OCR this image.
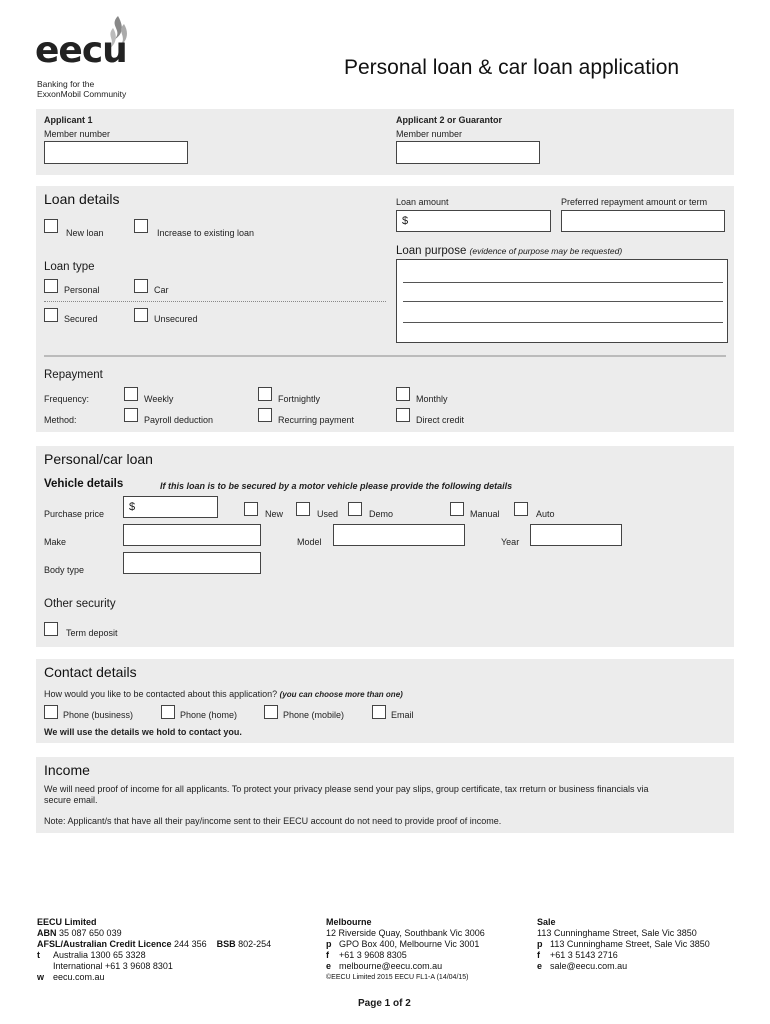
eecu
Banking for the
ExxonMobil Community
Personal loan & car loan application
Applicant 1
Member number
Applicant 2 or Guarantor
Member number
Loan details
New loan	Increase to existing loan
Loan type
Personal	Car
Secured	Unsecured
Loan amount
$
Preferred repayment amount or term
Loan purpose (evidence of purpose may be requested)
Repayment
Frequency:	Weekly	Fortnightly	Monthly
Method:	Payroll deduction	Recurring payment	Direct credit
Personal/car loan
Vehicle details	If this loan is to be secured by a motor vehicle please provide the following details
Purchase price
$
New	Used	Demo	Manual	Auto
Make	Model	Year
Body type
Other security
Term deposit
Contact details
How would you like to be contacted about this application? (you can choose more than one)
Phone (business)	Phone (home)	Phone (mobile)	Email
We will use the details we hold to contact you.
Income
We will need proof of income for all applicants. To protect your privacy please send your pay slips, group certificate, tax rreturn or business financials via
secure email.
Note: Applicant/s that have all their pay/income sent to their EECU account do not need to provide proof of income.
EECU Limited
ABN 35 087 650 039
AFSL/Australian Credit Licence 244 356 BSB 802-254
t Australia 1300 65 3328
International +61 3 9608 8301
w eecu.com.au
Melbourne
12 Riverside Quay, Southbank Vic 3006
p GPO Box 400, Melbourne Vic 3001
f +61 3 9608 8305
e melbourne@eecu.com.au
©EECU Limited 2015 EECU FL1-A (14/04/15)
Sale
113 Cunninghame Street, Sale Vic 3850
p 113 Cunninghame Street, Sale Vic 3850
f +61 3 5143 2716
e sale@eecu.com.au
Page 1 of 2
